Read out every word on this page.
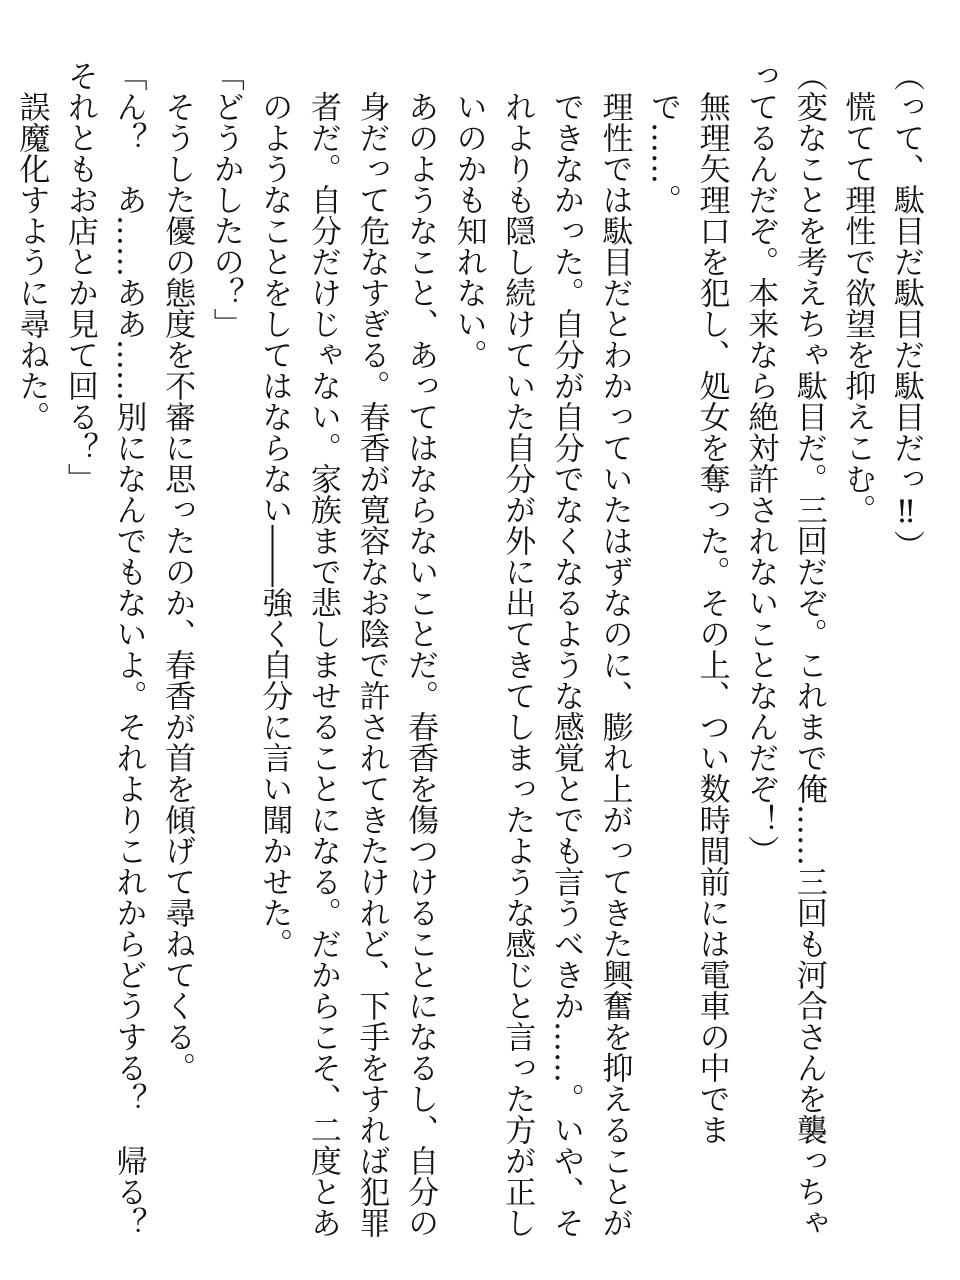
（って、駄目だ駄目だ駄目だっ‼）

慌てて理性で欲望を抑えこむ。

（変なことを考えちゃ駄目だ。三回だぞ。これまで俺……三回も河合さんを襲っちゃってるんだぞ。本来なら絶対許されないことなんだぞ！）

無理矢理口を犯し、処女を奪った。その上、つい数時間前には電車の中でまで……。

理性では駄目だとわかっていたはずなのに、膨れ上がってきた興奮を抑えることができなかった。自分が自分でなくなるような感覚とでも言うべきか……。いや、それよりも隠し続けていた自分が外に出てきてしまったような感じと言った方が正しいのかも知れない。

あのようなこと、あってはならないことだ。春香を傷つけることになるし、自分の身だって危なすぎる。春香が寛容なお陰で許されてきたけれど、下手をすれば犯罪者だ。自分だけじゃない。家族まで悲しませることになる。だからこそ、二度とあのようなことをしてはならない――強く自分に言い聞かせた。

「どうかしたの？」

そうした優の態度を不審に思ったのか、春香が首を傾げて尋ねてくる。

「ん？　あ……ああ……別になんでもないよ。それよりこれからどうする？　帰る？　それともお店とか見て回る？」

誤魔化すように尋ねた。
